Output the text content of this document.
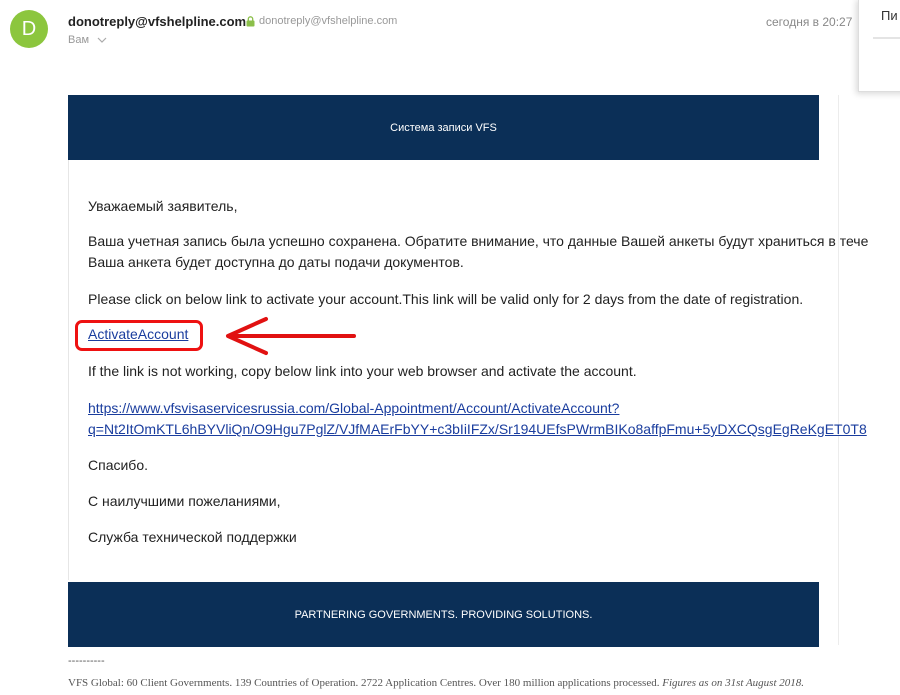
D	donotreply@vfshelpline.com donotreply@vfshelpline.com
Вам
сегодня в 20:27 Пи
Система записи VFS
Уважаемый заявитель,
Ваша учетная запись была успешно сохранена. Обратите внимание, что данные Вашей анкеты будут храниться в тече
Ваша анкета будет доступна до даты подачи документов.
Please click on below link to activate your account.This link will be valid only for 2 days from the date of registration.
ActivateAccount
If the link is not working, copy below link into your web browser and activate the account.
https://www.vfsvisaservicesrussia.com/Global-Appointment/Account/ActivateAccount?
q=Nt2ItOmKTL6hBYVliQn/O9Hgu7PglZ/VJfMAErFbYY+c3bIiIFZx/Sr194UEfsPWrmBIKo8affpFmu+5yDXCQsgEgReKgET0T8
Спасибо.
С наилучшими пожеланиями,
Служба технической поддержки
PARTNERING GOVERNMENTS. PROVIDING SOLUTIONS.
----------
VFS Global: 60 Client Governments. 139 Countries of Operation. 2722 Application Centres. Over 180 million applications processed. Figures as on 31st August 2018.
